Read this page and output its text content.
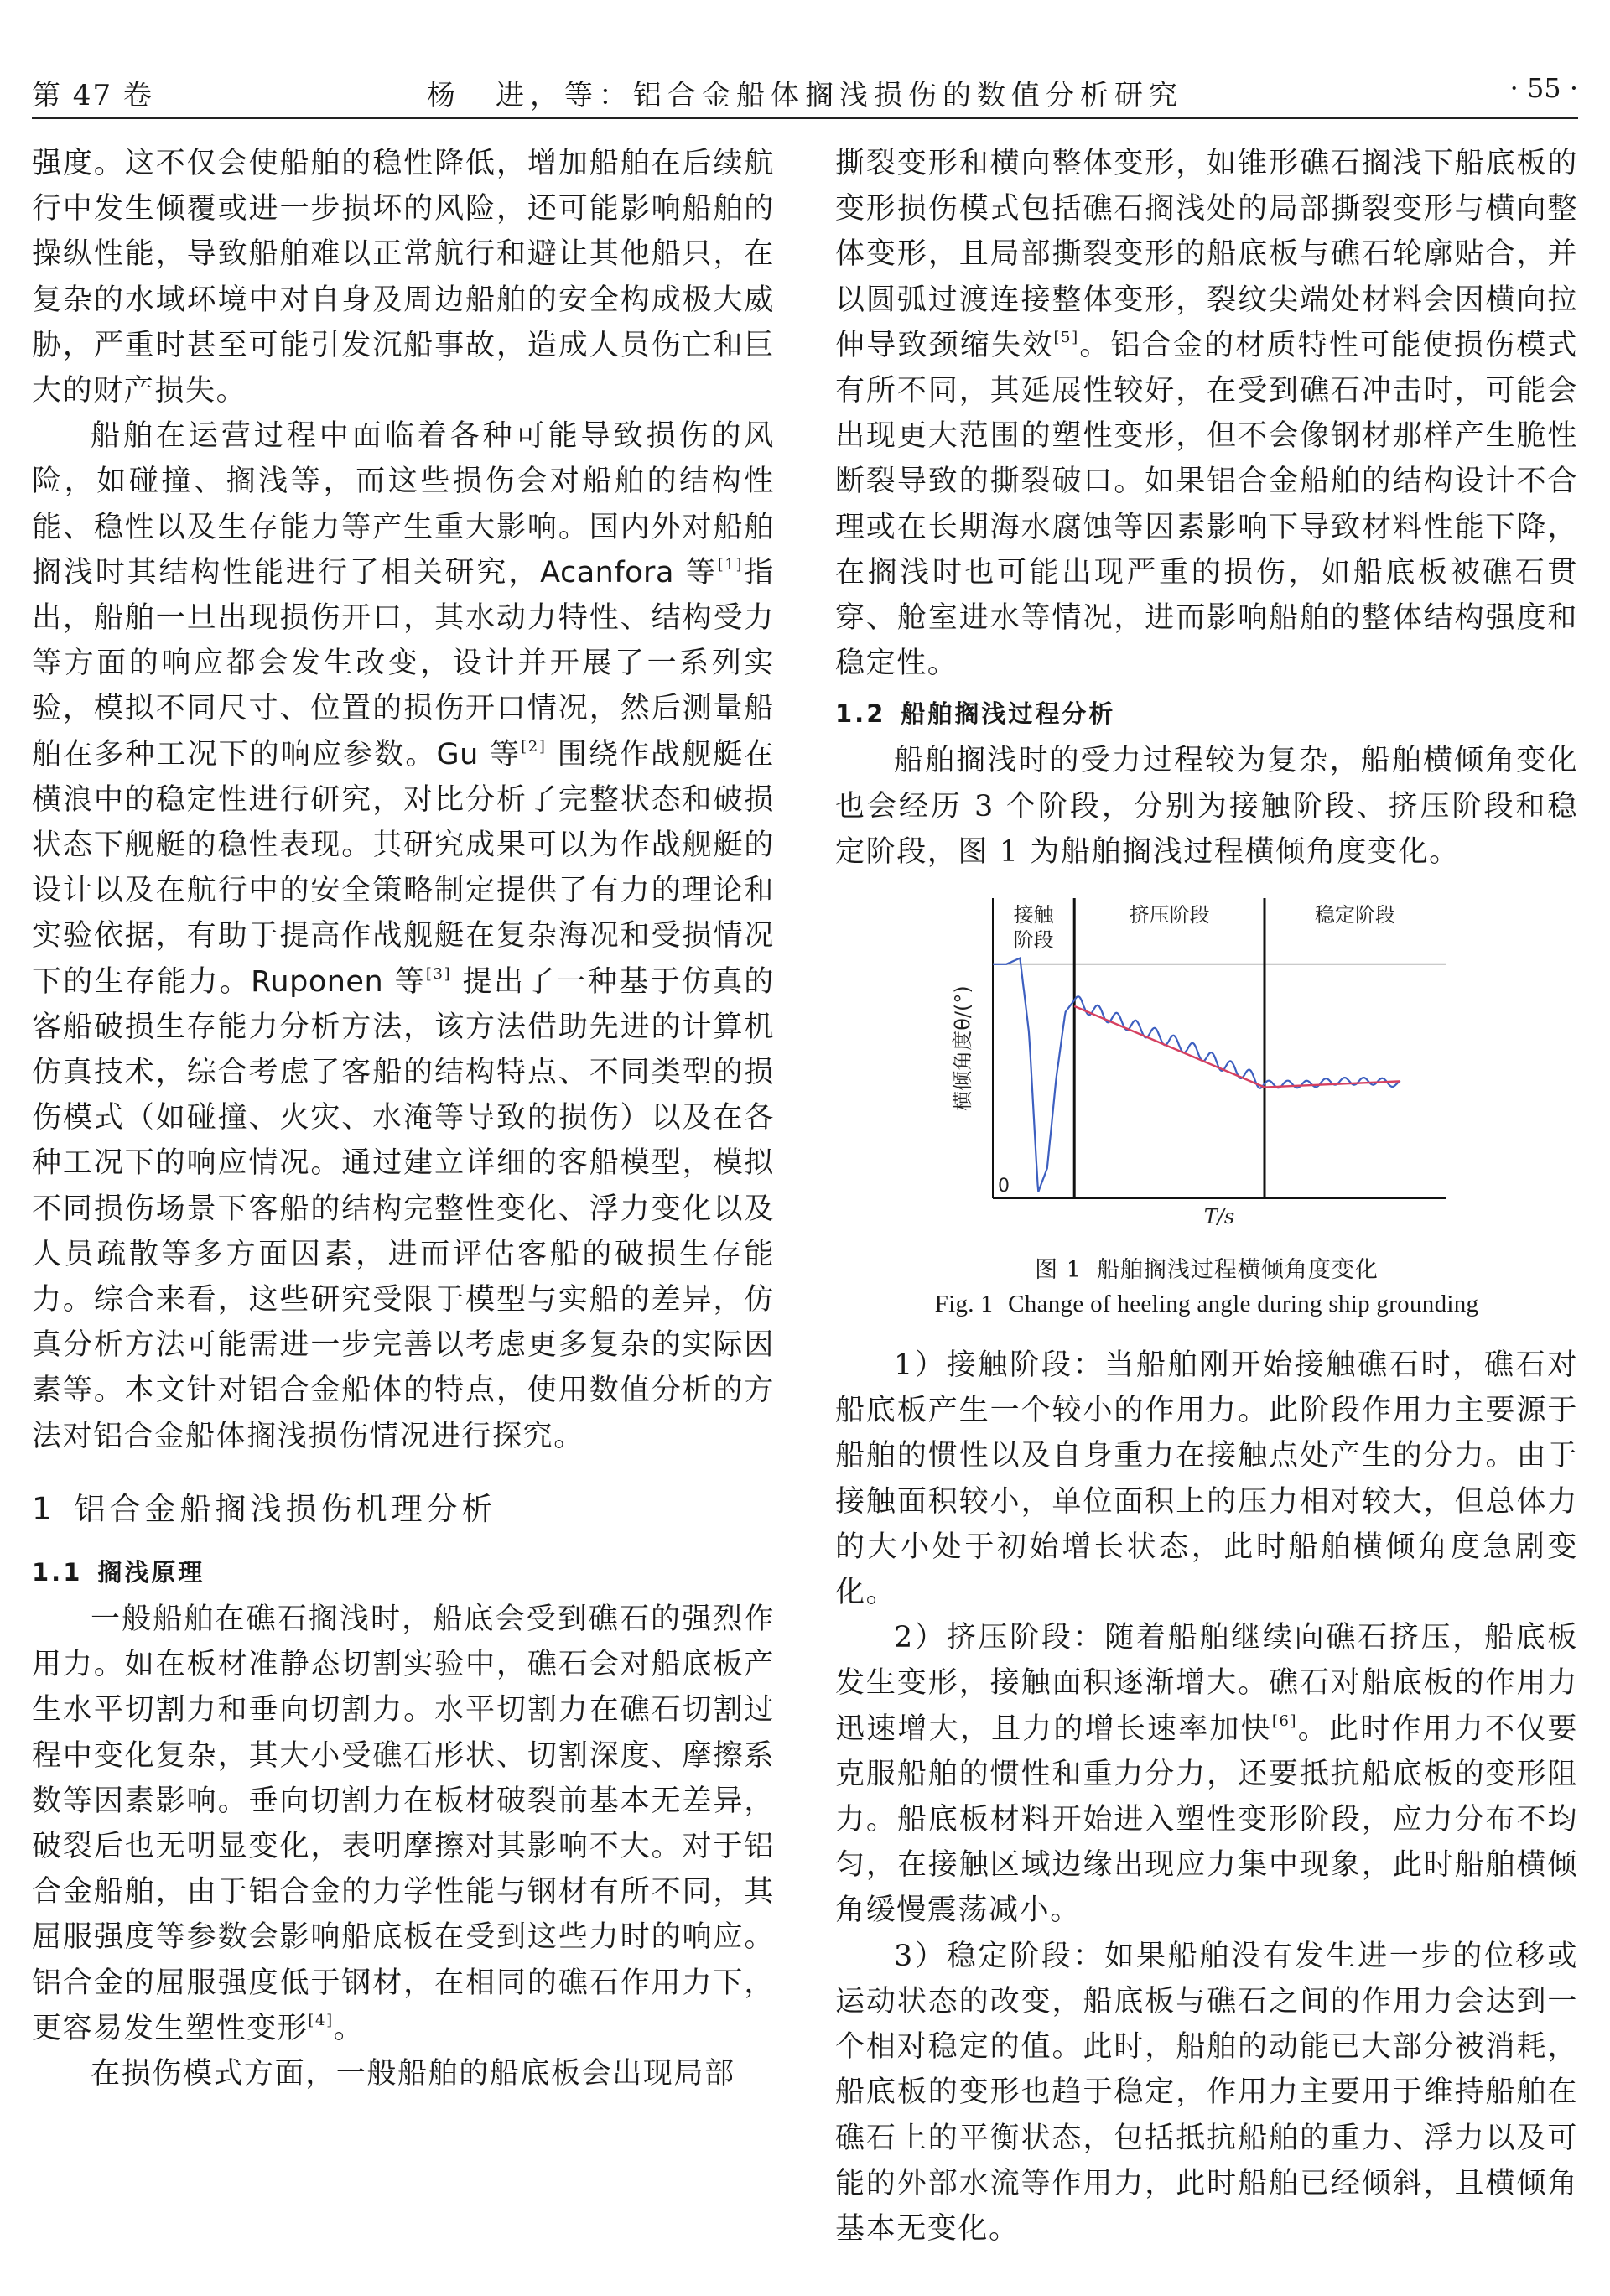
第 47 卷	杨　进，等：铝合金船体搁浅损伤的数值分析研究	· 55 ·

强度。这不仅会使船舶的稳性降低，增加船舶在后续航行中发生倾覆或进一步损坏的风险，还可能影响船舶的操纵性能，导致船舶难以正常航行和避让其他船只，在复杂的水域环境中对自身及周边船舶的安全构成极大威胁，严重时甚至可能引发沉船事故，造成人员伤亡和巨大的财产损失。

船舶在运营过程中面临着各种可能导致损伤的风险，如碰撞、搁浅等，而这些损伤会对船舶的结构性能、稳性以及生存能力等产生重大影响。国内外对船舶搁浅时其结构性能进行了相关研究，Acanfora 等[1]指出，船舶一旦出现损伤开口，其水动力特性、结构受力等方面的响应都会发生改变，设计并开展了一系列实验，模拟不同尺寸、位置的损伤开口情况，然后测量船舶在多种工况下的响应参数。Gu 等[2] 围绕作战舰艇在横浪中的稳定性进行研究，对比分析了完整状态和破损状态下舰艇的稳性表现。其研究成果可以为作战舰艇的设计以及在航行中的安全策略制定提供了有力的理论和实验依据，有助于提高作战舰艇在复杂海况和受损情况下的生存能力。Ruponen 等[3] 提出了一种基于仿真的客船破损生存能力分析方法，该方法借助先进的计算机仿真技术，综合考虑了客船的结构特点、不同类型的损伤模式（如碰撞、火灾、水淹等导致的损伤）以及在各种工况下的响应情况。通过建立详细的客船模型，模拟不同损伤场景下客船的结构完整性变化、浮力变化以及人员疏散等多方面因素，进而评估客船的破损生存能力。综合来看，这些研究受限于模型与实船的差异，仿真分析方法可能需进一步完善以考虑更多复杂的实际因素等。本文针对铝合金船体的特点，使用数值分析的方法对铝合金船体搁浅损伤情况进行探究。

1 铝合金船搁浅损伤机理分析
1.1 搁浅原理

一般船舶在礁石搁浅时，船底会受到礁石的强烈作用力。如在板材准静态切割实验中，礁石会对船底板产生水平切割力和垂向切割力。水平切割力在礁石切割过程中变化复杂，其大小受礁石形状、切割深度、摩擦系数等因素影响。垂向切割力在板材破裂前基本无差异，破裂后也无明显变化，表明摩擦对其影响不大。对于铝合金船舶，由于铝合金的力学性能与钢材有所不同，其屈服强度等参数会影响船底板在受到这些力时的响应。铝合金的屈服强度低于钢材，在相同的礁石作用力下，更容易发生塑性变形[4]。

在损伤模式方面，一般船舶的船底板会出现局部

撕裂变形和横向整体变形，如锥形礁石搁浅下船底板的变形损伤模式包括礁石搁浅处的局部撕裂变形与横向整体变形，且局部撕裂变形的船底板与礁石轮廓贴合，并以圆弧过渡连接整体变形，裂纹尖端处材料会因横向拉伸导致颈缩失效[5]。铝合金的材质特性可能使损伤模式有所不同，其延展性较好，在受到礁石冲击时，可能会出现更大范围的塑性变形，但不会像钢材那样产生脆性断裂导致的撕裂破口。如果铝合金船舶的结构设计不合理或在长期海水腐蚀等因素影响下导致材料性能下降，在搁浅时也可能出现严重的损伤，如船底板被礁石贯穿、舱室进水等情况，进而影响船舶的整体结构强度和稳定性。

1.2 船舶搁浅过程分析

船舶搁浅时的受力过程较为复杂，船舶横倾角变化也会经历 3 个阶段，分别为接触阶段、挤压阶段和稳定阶段，图 1 为船舶搁浅过程横倾角度变化。

接触
阶段
挤压阶段	稳定阶段
横倾角度θ/(°)
T/s
0
图 1 船舶搁浅过程横倾角度变化
Fig. 1 Change of heeling angle during ship grounding

1）接触阶段：当船舶刚开始接触礁石时，礁石对船底板产生一个较小的作用力。此阶段作用力主要源于船舶的惯性以及自身重力在接触点处产生的分力。由于接触面积较小，单位面积上的压力相对较大，但总体力的大小处于初始增长状态，此时船舶横倾角度急剧变化。

2）挤压阶段：随着船舶继续向礁石挤压，船底板发生变形，接触面积逐渐增大。礁石对船底板的作用力迅速增大，且力的增长速率加快[6]。此时作用力不仅要克服船舶的惯性和重力分力，还要抵抗船底板的变形阻力。船底板材料开始进入塑性变形阶段，应力分布不均匀，在接触区域边缘出现应力集中现象，此时船舶横倾角缓慢震荡减小。

3）稳定阶段：如果船舶没有发生进一步的位移或运动状态的改变，船底板与礁石之间的作用力会达到一个相对稳定的值。此时，船舶的动能已大部分被消耗，船底板的变形也趋于稳定，作用力主要用于维持船舶在礁石上的平衡状态，包括抵抗船舶的重力、浮力以及可能的外部水流等作用力，此时船舶已经倾斜，且横倾角基本无变化。
